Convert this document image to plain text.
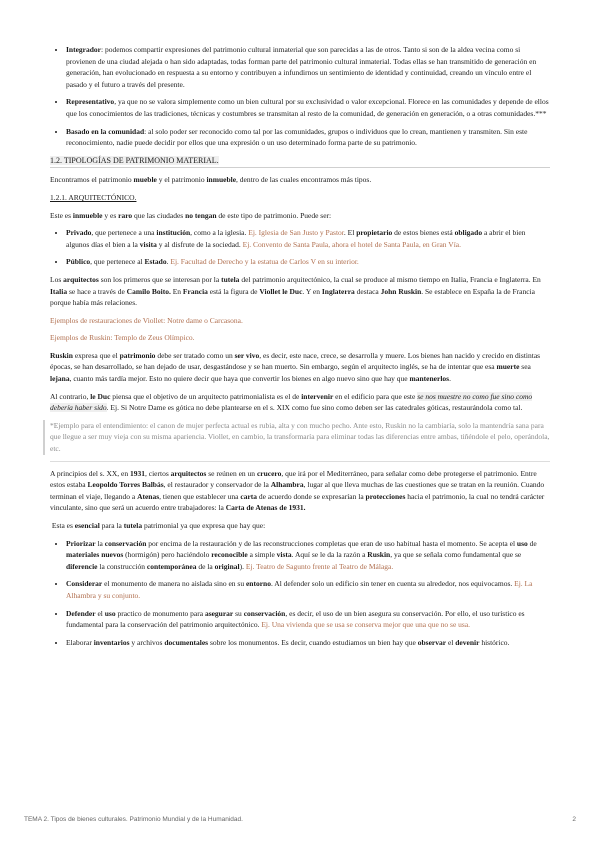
• Integrador: podemos compartir expresiones del patrimonio cultural inmaterial que son parecidas a las de otros. Tanto si son de la aldea vecina como si provienen de una ciudad alejada o han sido adaptadas, todas forman parte del patrimonio cultural inmaterial. Todas ellas se han transmitido de generación en generación, han evolucionado en respuesta a su entorno y contribuyen a infundirnos un sentimiento de identidad y continuidad, creando un vínculo entre el pasado y el futuro a través del presente.
• Representativo, ya que no se valora simplemente como un bien cultural por su exclusividad o valor excepcional. Florece en las comunidades y depende de ellos que los conocimientos de las tradiciones, técnicas y costumbres se transmitan al resto de la comunidad, de generación en generación, o a otras comunidades.***
• Basado en la comunidad: al solo poder ser reconocido como tal por las comunidades, grupos o individuos que lo crean, mantienen y transmiten. Sin este reconocimiento, nadie puede decidir por ellos que una expresión o un uso determinado forma parte de su patrimonio.
1.2. TIPOLOGÍAS DE PATRIMONIO MATERIAL.

Encontramos el patrimonio mueble y el patrimonio inmueble, dentro de las cuales encontramos más tipos.

1.2.1. ARQUITECTÓNICO.

Este es inmueble y es raro que las ciudades no tengan de este tipo de patrimonio. Puede ser:

• Privado, que pertenece a una institución, como a la iglesia. Ej. Iglesia de San Justo y Pastor. El propietario de estos bienes está obligado a abrir el bien algunos días el bien a la visita y al disfrute de la sociedad. Ej. Convento de Santa Paula, ahora el hotel de Santa Paula, en Gran Vía.
• Público, que pertenece al Estado. Ej. Facultad de Derecho y la estatua de Carlos V en su interior.

Los arquitectos son los primeros que se interesan por la tutela del patrimonio arquitectónico, la cual se produce al mismo tiempo en Italia, Francia e Inglaterra. En Italia se hace a través de Camilo Boito. En Francia está la figura de Viollet le Duc. Y en Inglaterra destaca John Ruskin. Se establece en España la de Francia porque había más relaciones.

Ejemplos de restauraciones de Viollet: Notre dame o Carcasona.

Ejemplos de Ruskin: Templo de Zeus Olímpico.

Ruskin expresa que el patrimonio debe ser tratado como un ser vivo, es decir, este nace, crece, se desarrolla y muere. Los bienes han nacido y crecido en distintas épocas, se han desarrollado, se han dejado de usar, desgastándose y se han muerto. Sin embargo, según el arquitecto inglés, se ha de intentar que esa muerte sea lejana, cuanto más tardía mejor. Esto no quiere decir que haya que convertir los bienes en algo nuevo sino que hay que mantenerlos.

Al contrario, le Duc piensa que el objetivo de un arquitecto patrimonialista es el de intervenir en el edificio para que este se nos muestre no como fue sino como debería haber sido. Ej. Si Notre Dame es gótica no debe plantearse en el s. XIX como fue sino como deben ser las catedrales góticas, restaurándola como tal.

*Ejemplo para el entendimiento: el canon de mujer perfecta actual es rubia, alta y con mucho pecho. Ante esto, Ruskin no la cambiaría, solo la mantendría sana para que llegue a ser muy vieja con su misma apariencia. Viollet, en cambio, la transformaría para eliminar todas las diferencias entre ambas, tiñéndole el pelo, operándola, etc.

A principios del s. XX, en 1931, ciertos arquitectos se reúnen en un crucero, que irá por el Mediterráneo, para señalar como debe protegerse el patrimonio. Entre estos estaba Leopoldo Torres Balbás, el restaurador y conservador de la Alhambra, lugar al que lleva muchas de las cuestiones que se tratan en la reunión. Cuando terminan el viaje, llegando a Atenas, tienen que establecer una carta de acuerdo donde se expresarían la protecciones hacia el patrimonio, la cual no tendrá carácter vinculante, sino que será un acuerdo entre trabajadores: la Carta de Atenas de 1931.

Esta es esencial para la tutela patrimonial ya que expresa que hay que:

• Priorizar la conservación por encima de la restauración y de las reconstrucciones completas que eran de uso habitual hasta el momento. Se acepta el uso de materiales nuevos (hormigón) pero haciéndolo reconocible a simple vista. Aquí se le da la razón a Ruskin, ya que se señala como fundamental que se diferencie la construcción contemporánea de la original). Ej. Teatro de Sagunto frente al Teatro de Málaga.
• Considerar el monumento de manera no aislada sino en su entorno. Al defender solo un edificio sin tener en cuenta su alrededor, nos equivocamos. Ej. La Alhambra y su conjunto.
• Defender el uso practico de monumento para asegurar su conservación, es decir, el uso de un bien asegura su conservación. Por ello, el uso turístico es fundamental para la conservación del patrimonio arquitectónico. Ej. Una vivienda que se usa se conserva mejor que una que no se usa.
• Elaborar inventarios y archivos documentales sobre los monumentos. Es decir, cuando estudiamos un bien hay que observar el devenir histórico.
TEMA 2. Tipos de bienes culturales. Patrimonio Mundial y de la Humanidad.	2
